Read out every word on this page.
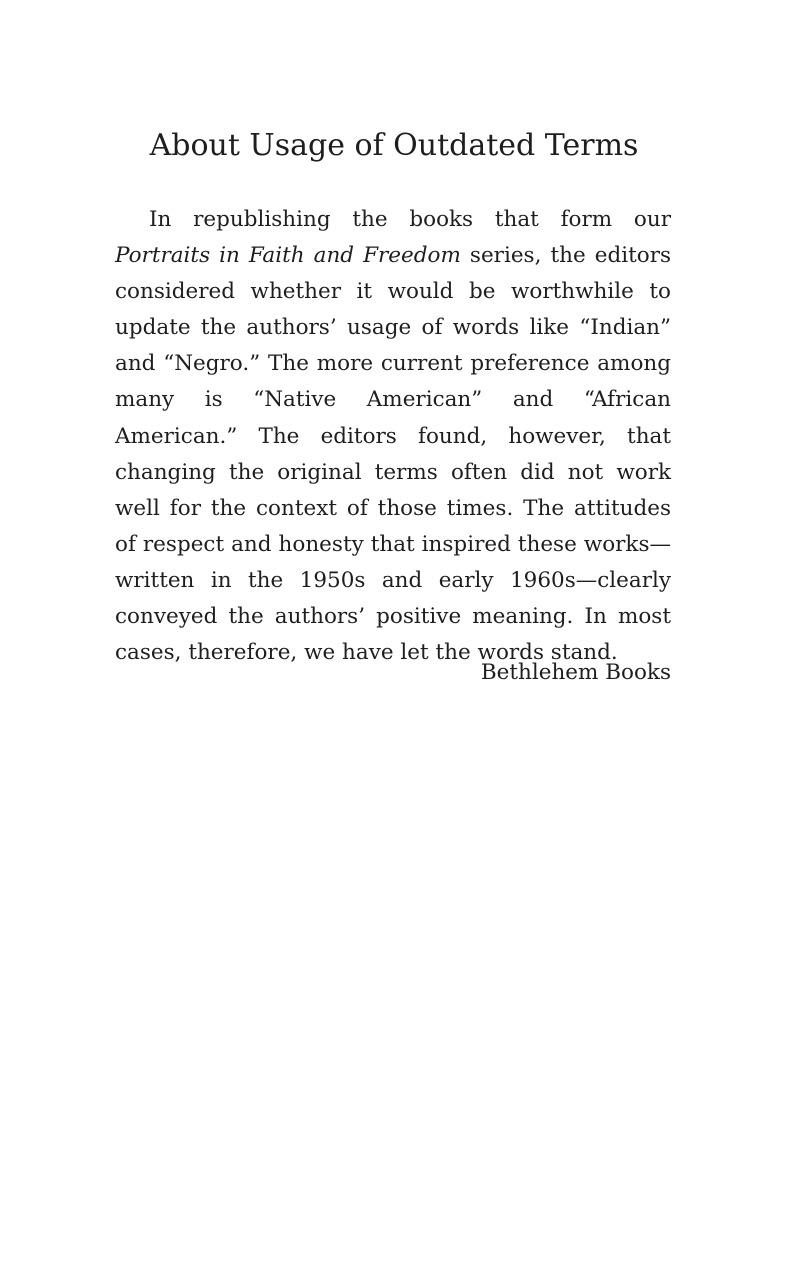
About Usage of Outdated Terms

In republishing the books that form our Portraits in Faith and Freedom series, the editors considered whether it would be worthwhile to update the authors’ usage of words like “Indian” and “Negro.” The more current preference among many is “Native American” and “African American.” The editors found, however, that changing the original terms often did not work well for the context of those times. The attitudes of respect and honesty that inspired these works—written in the 1950s and early 1960s—clearly conveyed the authors’ positive meaning. In most cases, therefore, we have let the words stand.

Bethlehem Books
